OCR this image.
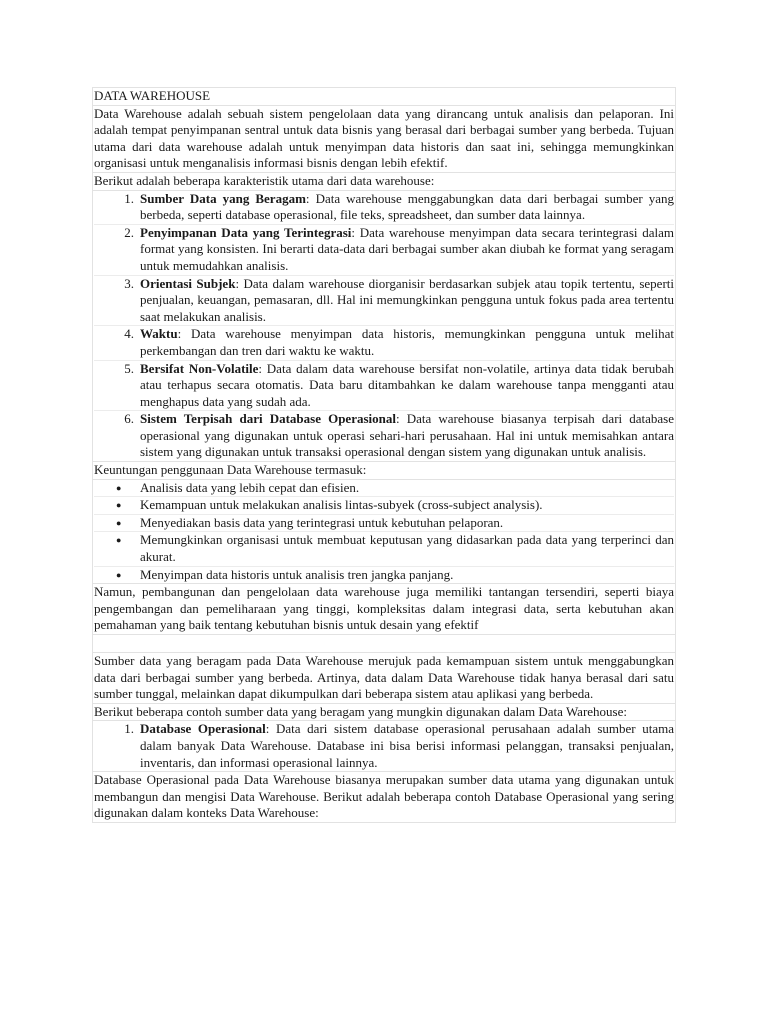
DATA WAREHOUSE

Data Warehouse adalah sebuah sistem pengelolaan data yang dirancang untuk analisis dan pelaporan. Ini adalah tempat penyimpanan sentral untuk data bisnis yang berasal dari berbagai sumber yang berbeda. Tujuan utama dari data warehouse adalah untuk menyimpan data historis dan saat ini, sehingga memungkinkan organisasi untuk menganalisis informasi bisnis dengan lebih efektif.

Berikut adalah beberapa karakteristik utama dari data warehouse:

1. Sumber Data yang Beragam: Data warehouse menggabungkan data dari berbagai sumber yang berbeda, seperti database operasional, file teks, spreadsheet, dan sumber data lainnya.
2. Penyimpanan Data yang Terintegrasi: Data warehouse menyimpan data secara terintegrasi dalam format yang konsisten. Ini berarti data-data dari berbagai sumber akan diubah ke format yang seragam untuk memudahkan analisis.
3. Orientasi Subjek: Data dalam warehouse diorganisir berdasarkan subjek atau topik tertentu, seperti penjualan, keuangan, pemasaran, dll. Hal ini memungkinkan pengguna untuk fokus pada area tertentu saat melakukan analisis.
4. Waktu: Data warehouse menyimpan data historis, memungkinkan pengguna untuk melihat perkembangan dan tren dari waktu ke waktu.
5. Bersifat Non-Volatile: Data dalam data warehouse bersifat non-volatile, artinya data tidak berubah atau terhapus secara otomatis. Data baru ditambahkan ke dalam warehouse tanpa mengganti atau menghapus data yang sudah ada.
6. Sistem Terpisah dari Database Operasional: Data warehouse biasanya terpisah dari database operasional yang digunakan untuk operasi sehari-hari perusahaan. Hal ini untuk memisahkan antara sistem yang digunakan untuk transaksi operasional dengan sistem yang digunakan untuk analisis.

Keuntungan penggunaan Data Warehouse termasuk:

● Analisis data yang lebih cepat dan efisien.
● Kemampuan untuk melakukan analisis lintas-subyek (cross-subject analysis).
● Menyediakan basis data yang terintegrasi untuk kebutuhan pelaporan.
● Memungkinkan organisasi untuk membuat keputusan yang didasarkan pada data yang terperinci dan akurat.
● Menyimpan data historis untuk analisis tren jangka panjang.

Namun, pembangunan dan pengelolaan data warehouse juga memiliki tantangan tersendiri, seperti biaya pengembangan dan pemeliharaan yang tinggi, kompleksitas dalam integrasi data, serta kebutuhan akan pemahaman yang baik tentang kebutuhan bisnis untuk desain yang efektif

Sumber data yang beragam pada Data Warehouse merujuk pada kemampuan sistem untuk menggabungkan data dari berbagai sumber yang berbeda. Artinya, data dalam Data Warehouse tidak hanya berasal dari satu sumber tunggal, melainkan dapat dikumpulkan dari beberapa sistem atau aplikasi yang berbeda.

Berikut beberapa contoh sumber data yang beragam yang mungkin digunakan dalam Data Warehouse:

1. Database Operasional: Data dari sistem database operasional perusahaan adalah sumber utama dalam banyak Data Warehouse. Database ini bisa berisi informasi pelanggan, transaksi penjualan, inventaris, dan informasi operasional lainnya.

Database Operasional pada Data Warehouse biasanya merupakan sumber data utama yang digunakan untuk membangun dan mengisi Data Warehouse. Berikut adalah beberapa contoh Database Operasional yang sering digunakan dalam konteks Data Warehouse:
